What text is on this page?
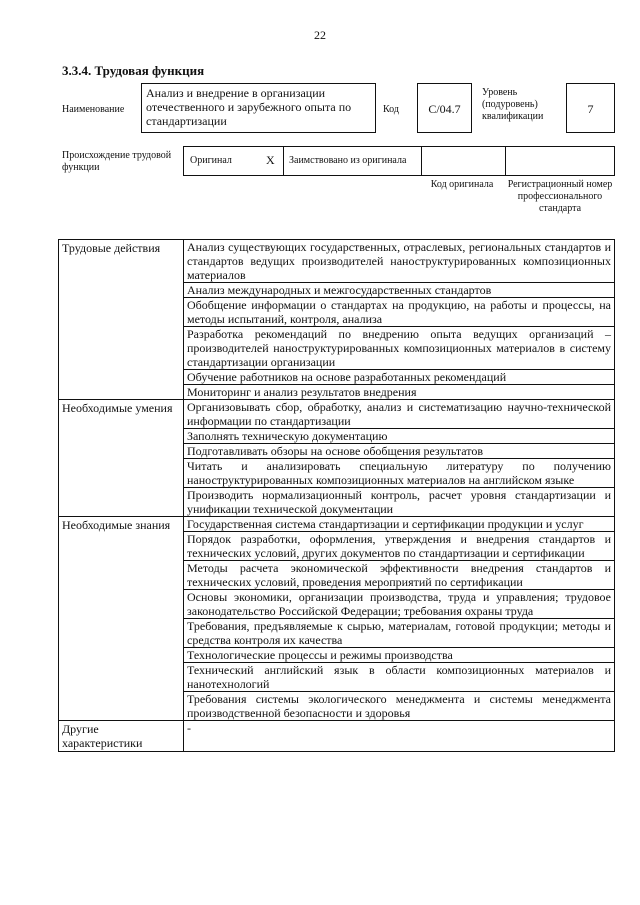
22
3.3.4. Трудовая функция
Наименование
Анализ и внедрение в организации отечественного и зарубежного опыта по стандартизации
Код	C/04.7
Уровень (подуровень) квалификации
7
Происхождение трудовой функции
Оригинал	X Заимствовано из оригинала
Код оригинала	Регистрационный номер профессионального стандарта
Трудовые действия	Анализ существующих государственных, отраслевых, региональных стандартов и стандартов ведущих производителей наноструктурированных композиционных материалов
	Анализ международных и межгосударственных стандартов
	Обобщение информации о стандартах на продукцию, на работы и процессы, на методы испытаний, контроля, анализа
	Разработка рекомендаций по внедрению опыта ведущих организаций – производителей наноструктурированных композиционных материалов в систему стандартизации организации
	Обучение работников на основе разработанных рекомендаций
	Мониторинг и анализ результатов внедрения
Необходимые умения	Организовывать сбор, обработку, анализ и систематизацию научно-технической информации по стандартизации
	Заполнять техническую документацию
	Подготавливать обзоры на основе обобщения результатов
	Читать и анализировать специальную литературу по получению наноструктурированных композиционных материалов на английском языке
	Производить нормализационный контроль, расчет уровня стандартизации и унификации технической документации
Необходимые знания	Государственная система стандартизации и сертификации продукции и услуг
	Порядок разработки, оформления, утверждения и внедрения стандартов и технических условий, других документов по стандартизации и сертификации
	Методы расчета экономической эффективности внедрения стандартов и технических условий, проведения мероприятий по сертификации
	Основы экономики, организации производства, труда и управления; трудовое законодательство Российской Федерации; требования охраны труда
	Требования, предъявляемые к сырью, материалам, готовой продукции; методы и средства контроля их качества
	Технологические процессы и режимы производства
	Технический английский язык в области композиционных материалов и нанотехнологий
	Требования системы экологического менеджмента и системы менеджмента производственной безопасности и здоровья
Другие характеристики	-
